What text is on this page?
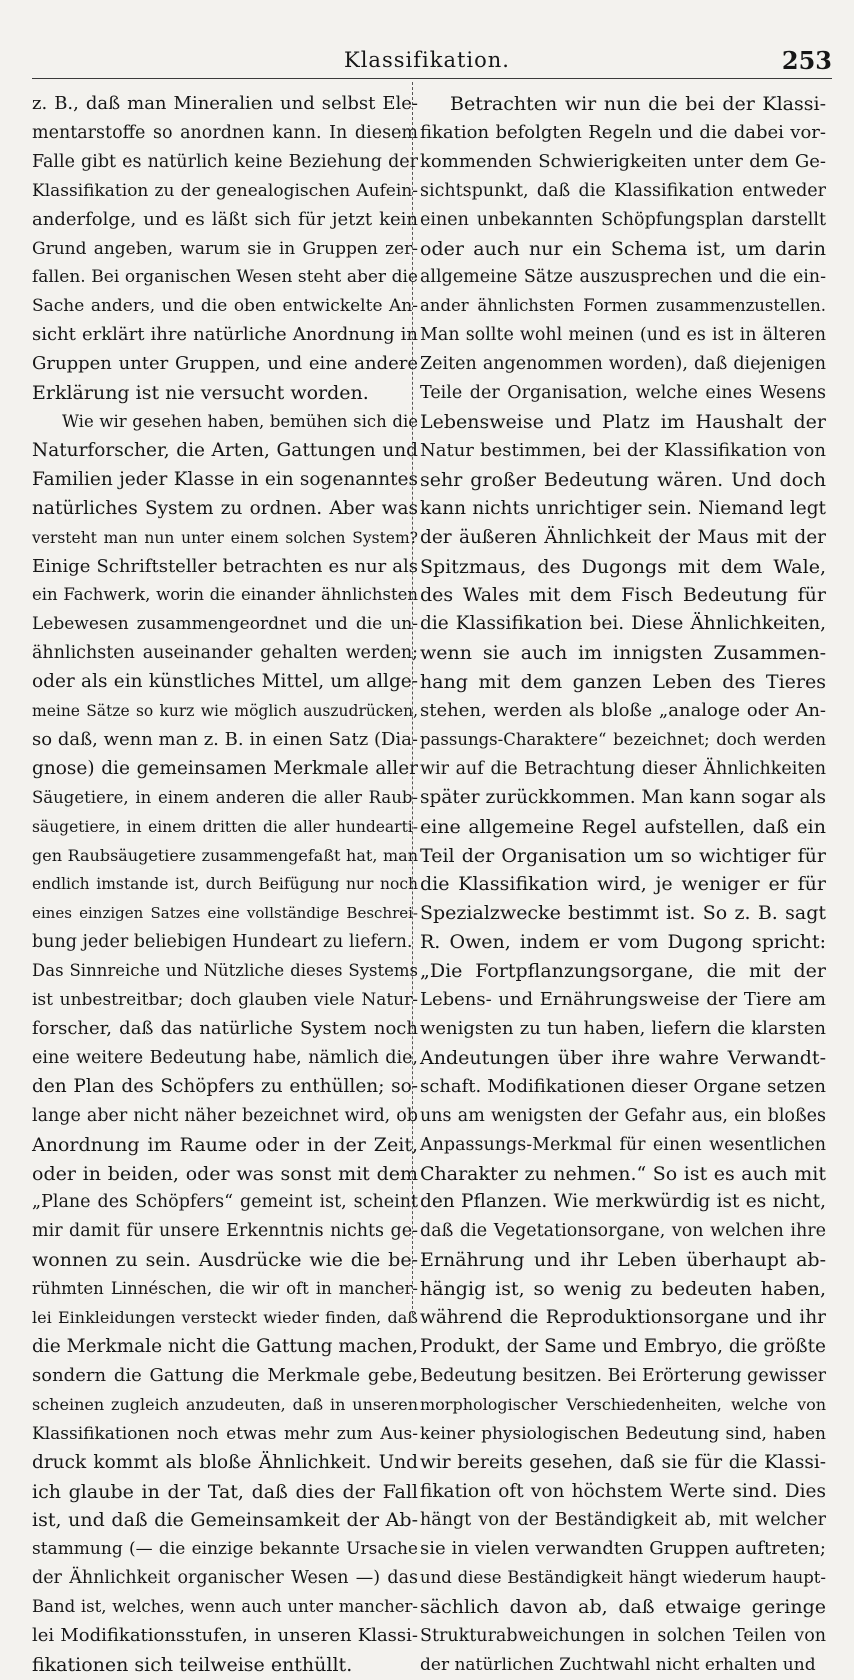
Klassifikation.	253
z. B., daß man Mineralien und selbst Ele-
mentarstoffe so anordnen kann. In diesem
Falle gibt es natürlich keine Beziehung der
Klassifikation zu der genealogischen Aufein-
anderfolge, und es läßt sich für jetzt kein
Grund angeben, warum sie in Gruppen zer-
fallen. Bei organischen Wesen steht aber die
Sache anders, und die oben entwickelte An-
sicht erklärt ihre natürliche Anordnung in
Gruppen unter Gruppen, und eine andere
Erklärung ist nie versucht worden.
Wie wir gesehen haben, bemühen sich die
Naturforscher, die Arten, Gattungen und
Familien jeder Klasse in ein sogenanntes
natürliches System zu ordnen. Aber was
versteht man nun unter einem solchen System?
Einige Schriftsteller betrachten es nur als
ein Fachwerk, worin die einander ähnlichsten
Lebewesen zusammengeordnet und die un-
ähnlichsten auseinander gehalten werden;
oder als ein künstliches Mittel, um allge-
meine Sätze so kurz wie möglich auszudrücken,
so daß, wenn man z. B. in einen Satz (Dia-
gnose) die gemeinsamen Merkmale aller
Säugetiere, in einem anderen die aller Raub-
säugetiere, in einem dritten die aller hundearti-
gen Raubsäugetiere zusammengefaßt hat, man
endlich imstande ist, durch Beifügung nur noch
eines einzigen Satzes eine vollständige Beschrei-
bung jeder beliebigen Hundeart zu liefern.
Das Sinnreiche und Nützliche dieses Systems
ist unbestreitbar; doch glauben viele Natur-
forscher, daß das natürliche System noch
eine weitere Bedeutung habe, nämlich die,
den Plan des Schöpfers zu enthüllen; so-
lange aber nicht näher bezeichnet wird, ob
Anordnung im Raume oder in der Zeit,
oder in beiden, oder was sonst mit dem
„Plane des Schöpfers“ gemeint ist, scheint
mir damit für unsere Erkenntnis nichts ge-
wonnen zu sein. Ausdrücke wie die be-
rühmten Linnéschen, die wir oft in mancher-
lei Einkleidungen versteckt wieder finden, daß
die Merkmale nicht die Gattung machen,
sondern die Gattung die Merkmale gebe,
scheinen zugleich anzudeuten, daß in unseren
Klassifikationen noch etwas mehr zum Aus-
druck kommt als bloße Ähnlichkeit. Und
ich glaube in der Tat, daß dies der Fall
ist, und daß die Gemeinsamkeit der Ab-
stammung (— die einzige bekannte Ursache
der Ähnlichkeit organischer Wesen —) das
Band ist, welches, wenn auch unter mancher-
lei Modifikationsstufen, in unseren Klassi-
fikationen sich teilweise enthüllt.
Betrachten wir nun die bei der Klassi-
fikation befolgten Regeln und die dabei vor-
kommenden Schwierigkeiten unter dem Ge-
sichtspunkt, daß die Klassifikation entweder
einen unbekannten Schöpfungsplan darstellt
oder auch nur ein Schema ist, um darin
allgemeine Sätze auszusprechen und die ein-
ander ähnlichsten Formen zusammenzustellen.
Man sollte wohl meinen (und es ist in älteren
Zeiten angenommen worden), daß diejenigen
Teile der Organisation, welche eines Wesens
Lebensweise und Platz im Haushalt der
Natur bestimmen, bei der Klassifikation von
sehr großer Bedeutung wären. Und doch
kann nichts unrichtiger sein. Niemand legt
der äußeren Ähnlichkeit der Maus mit der
Spitzmaus, des Dugongs mit dem Wale,
des Wales mit dem Fisch Bedeutung für
die Klassifikation bei. Diese Ähnlichkeiten,
wenn sie auch im innigsten Zusammen-
hang mit dem ganzen Leben des Tieres
stehen, werden als bloße „analoge oder An-
passungs-Charaktere“ bezeichnet; doch werden
wir auf die Betrachtung dieser Ähnlichkeiten
später zurückkommen. Man kann sogar als
eine allgemeine Regel aufstellen, daß ein
Teil der Organisation um so wichtiger für
die Klassifikation wird, je weniger er für
Spezialzwecke bestimmt ist. So z. B. sagt
R. Owen, indem er vom Dugong spricht:
„Die Fortpflanzungsorgane, die mit der
Lebens- und Ernährungsweise der Tiere am
wenigsten zu tun haben, liefern die klarsten
Andeutungen über ihre wahre Verwandt-
schaft. Modifikationen dieser Organe setzen
uns am wenigsten der Gefahr aus, ein bloßes
Anpassungs-Merkmal für einen wesentlichen
Charakter zu nehmen.“ So ist es auch mit
den Pflanzen. Wie merkwürdig ist es nicht,
daß die Vegetationsorgane, von welchen ihre
Ernährung und ihr Leben überhaupt ab-
hängig ist, so wenig zu bedeuten haben,
während die Reproduktionsorgane und ihr
Produkt, der Same und Embryo, die größte
Bedeutung besitzen. Bei Erörterung gewisser
morphologischer Verschiedenheiten, welche von
keiner physiologischen Bedeutung sind, haben
wir bereits gesehen, daß sie für die Klassi-
fikation oft von höchstem Werte sind. Dies
hängt von der Beständigkeit ab, mit welcher
sie in vielen verwandten Gruppen auftreten;
und diese Beständigkeit hängt wiederum haupt-
sächlich davon ab, daß etwaige geringe
Strukturabweichungen in solchen Teilen von
der natürlichen Zuchtwahl nicht erhalten und
